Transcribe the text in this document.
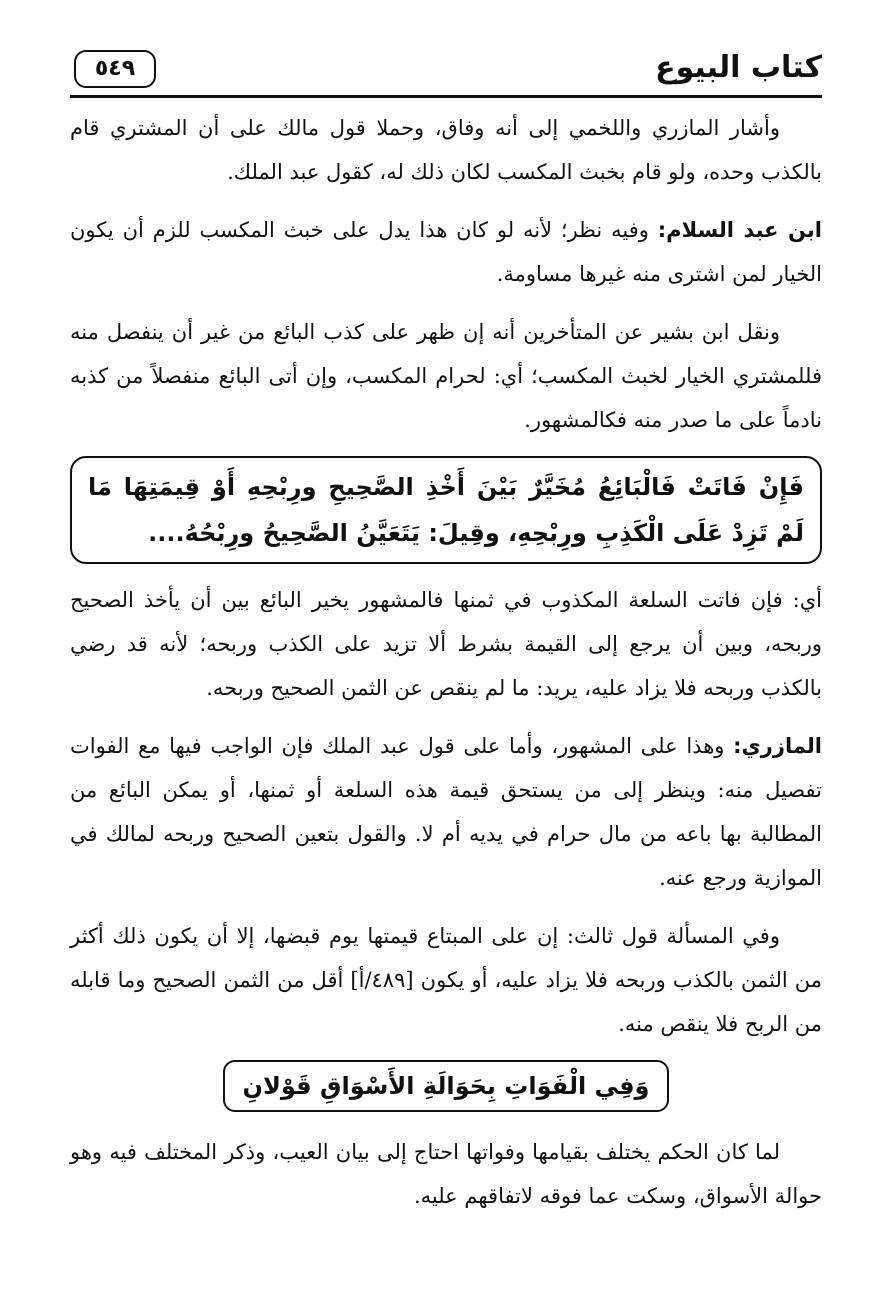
كتاب البيوع
٥٤٩

وأشار المازري واللخمي إلى أنه وفاق، وحملا قول مالك على أن المشتري قام بالكذب وحده، ولو قام بخبث المكسب لكان ذلك له، كقول عبد الملك.

ابن عبد السلام: وفيه نظر؛ لأنه لو كان هذا يدل على خبث المكسب للزم أن يكون الخيار لمن اشترى منه غيرها مساومة.

ونقل ابن بشير عن المتأخرين أنه إن ظهر على كذب البائع من غير أن ينفصل منه فللمشتري الخيار لخبث المكسب؛ أي: لحرام المكسب، وإن أتى البائع منفصلاً من كذبه نادماً على ما صدر منه فكالمشهور.

فَإِنْ فَاتَتْ فَالْبَائِعُ مُخَيَّرٌ بَيْنَ أَخْذِ الصَّحِيحِ ورِبْحِهِ أَوْ قِيمَتِهَا مَا لَمْ تَزِدْ عَلَى الْكَذِبِ ورِبْحِهِ، وقِيلَ: يَتَعَيَّنُ الصَّحِيحُ ورِبْحُهُ....

أي: فإن فاتت السلعة المكذوب في ثمنها فالمشهور يخير البائع بين أن يأخذ الصحيح وربحه، وبين أن يرجع إلى القيمة بشرط ألا تزيد على الكذب وربحه؛ لأنه قد رضي بالكذب وربحه فلا يزاد عليه، يريد: ما لم ينقص عن الثمن الصحيح وربحه.

المازري: وهذا على المشهور، وأما على قول عبد الملك فإن الواجب فيها مع الفوات تفصيل منه: وينظر إلى من يستحق قيمة هذه السلعة أو ثمنها، أو يمكن البائع من المطالبة بها باعه من مال حرام في يديه أم لا. والقول بتعين الصحيح وربحه لمالك في الموازية ورجع عنه.

وفي المسألة قول ثالث: إن على المبتاع قيمتها يوم قبضها، إلا أن يكون ذلك أكثر من الثمن بالكذب وربحه فلا يزاد عليه، أو يكون [٤٨٩/أ] أقل من الثمن الصحيح وما قابله من الربح فلا ينقص منه.

وَفِي الْفَوَاتِ بِحَوَالَةِ الأَسْوَاقِ قَوْلانِ

لما كان الحكم يختلف بقيامها وفواتها احتاج إلى بيان العيب، وذكر المختلف فيه وهو حوالة الأسواق، وسكت عما فوقه لاتفاقهم عليه.
